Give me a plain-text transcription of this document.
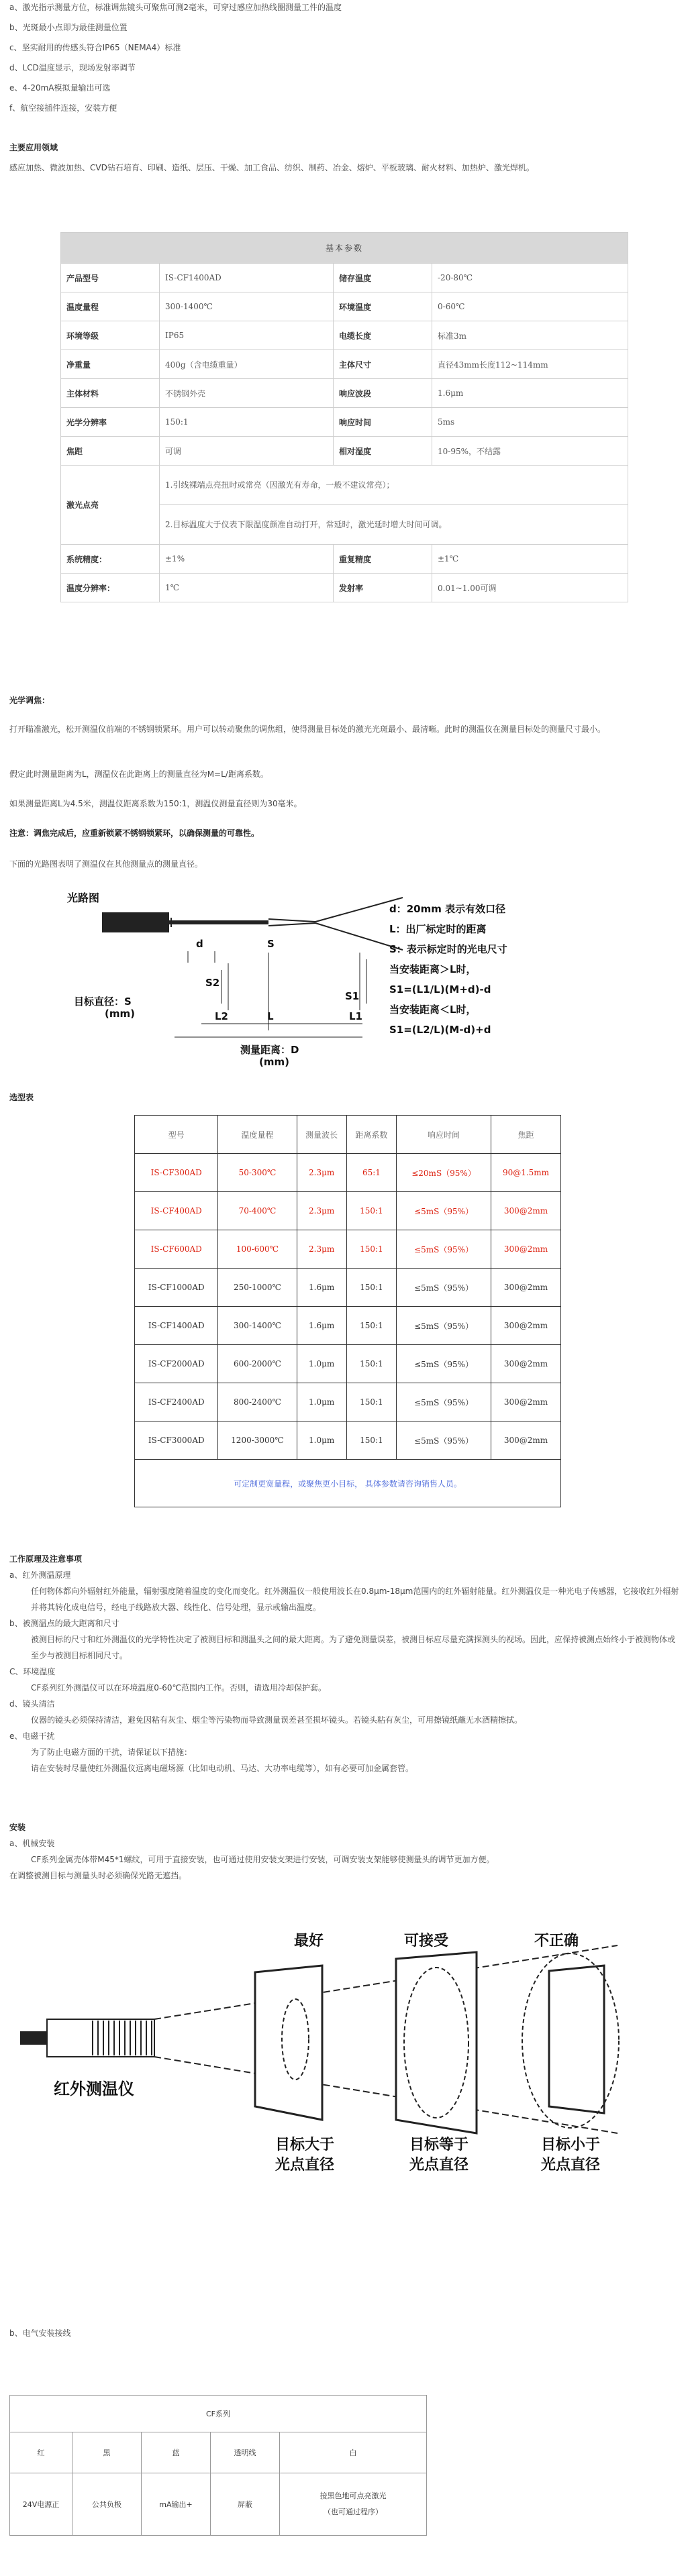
a、激光指示测量方位，标准调焦镜头可聚焦可测2毫米，可穿过感应加热线圈测量工件的温度

b、光斑最小点即为最佳测量位置

c、坚实耐用的传感头符合IP65（NEMA4）标准

d、LCD温度显示，现场发射率调节

e、4-20mA模拟量输出可选

f、航空接插件连接，安装方便

主要应用领域

感应加热、微波加热、CVD钻石培育、印刷、造纸、层压、干燥、加工食品、纺织、制药、冶金、熔炉、平板玻璃、耐火材料、加热炉、激光焊机。

基本参数			
产品型号	IS-CF1400AD	储存温度	-20-80℃
温度量程	300-1400℃	环境温度	0-60℃
环境等级	IP65	电缆长度	标准3m
净重量	400g（含电缆重量）	主体尺寸	直径43mm长度112~114mm
主体材料	不锈钢外壳	响应波段	1.6μm
光学分辨率	150:1	响应时间	5ms
焦距	可调	相对湿度	10-95%，不结露
激光点亮	1.引线裸端点亮扭时或常亮（因激光有寿命，一般不建议常亮）；
2.目标温度大于仪表下限温度颜准自动打开，常延时，激光延时增大时间可调。		

系统精度：	±1%	重复精度	±1℃
温度分辨率：	1℃	发射率	0.01~1.00可调

光学调焦：

打开瞄准激光，松开测温仪前端的不锈钢锁紧环。用户可以转动聚焦的调焦组，使得测量目标处的激光光斑最小、最清晰。此时的测温仪在测量目标处的测量尺寸最小。

假定此时测量距离为L，测温仪在此距离上的测量直径为M=L/距离系数。

如果测量距离L为4.5米，测温仪距离系数为150:1，测温仪测量直径则为30毫米。

注意：调焦完成后，应重新锁紧不锈钢锁紧环，以确保测量的可靠性。

下面的光路图表明了测温仪在其他测量点的测量直径。

光路图
d	S
S2
S1
L2	L	L1
目标直径：S
(mm)
测量距离：D
(mm)
d：20mm 表示有效口径
L：出厂标定时的距离
S：表示标定时的光电尺寸
当安装距离＞L时，
S1=(L1/L)(M+d)-d
当安装距离＜L时，
S1=(L2/L)(M-d)+d

选型表

型号	温度量程	测量波长	距离系数	响应时间	焦距
IS-CF300AD	50-300℃	2.3μm	65:1	≤20mS（95%）	90@1.5mm
IS-CF400AD	70-400℃	2.3μm	150:1	≤5mS（95%）	300@2mm
IS-CF600AD	100-600℃	2.3μm	150:1	≤5mS（95%）	300@2mm
IS-CF1000AD	250-1000℃	1.6μm	150:1	≤5mS（95%）	300@2mm
IS-CF1400AD	300-1400℃	1.6μm	150:1	≤5mS（95%）	300@2mm
IS-CF2000AD	600-2000℃	1.0μm	150:1	≤5mS（95%）	300@2mm
IS-CF2400AD	800-2400℃	1.0μm	150:1	≤5mS（95%）	300@2mm
IS-CF3000AD	1200-3000℃	1.0μm	150:1	≤5mS（95%）	300@2mm
可定制更宽量程，或聚焦更小目标， 具体参数请咨询销售人员。					
工作原理及注意事项
a、红外测温原理
任何物体都向外辐射红外能量，辐射强度随着温度的变化而变化。红外测温仪一般使用波长在0.8μm-18μm范围内的红外辐射能量。红外测温仪是一种光电子传感器，它接收红外辐射并将其转化成电信号，经电子线路放大器、线性化、信号处理，显示或输出温度。
b、被测温点的最大距离和尺寸
被测目标的尺寸和红外测温仪的光学特性决定了被测目标和测温头之间的最大距离。为了避免测量误差，被测目标应尽量充满探测头的视场。因此，应保持被测点始终小于被测物体或至少与被测目标相同尺寸。
C、环境温度
CF系列红外测温仪可以在环境温度0-60℃范围内工作。否则，请选用冷却保护套。
d、镜头清洁
仪器的镜头必须保持清洁，避免因粘有灰尘、烟尘等污染物而导致测量误差甚至损坏镜头。若镜头粘有灰尘，可用擦镜纸蘸无水酒精擦拭。
e、电磁干扰
为了防止电磁方面的干扰，请保证以下措施：
请在安装时尽量使红外测温仪远离电磁场源（比如电动机、马达、大功率电缆等），如有必要可加金属套管。
安装
a、机械安装
CF系列金属壳体带M45*1螺纹，可用于直接安装，也可通过使用安装支架进行安装，可调安装支架能够使测量头的调节更加方便。
在调整被测目标与测量头时必须确保光路无遮挡。
最好	可接受	不正确
红外测温仪
目标大于
光点直径
目标等于
光点直径
目标小于
光点直径

b、电气安装接线

CF系列				
红	黑	蓝	透明线	白
24V电源正	公共负极	mA输出+	屏蔽	接黑色地可点亮激光
（也可通过程序）
